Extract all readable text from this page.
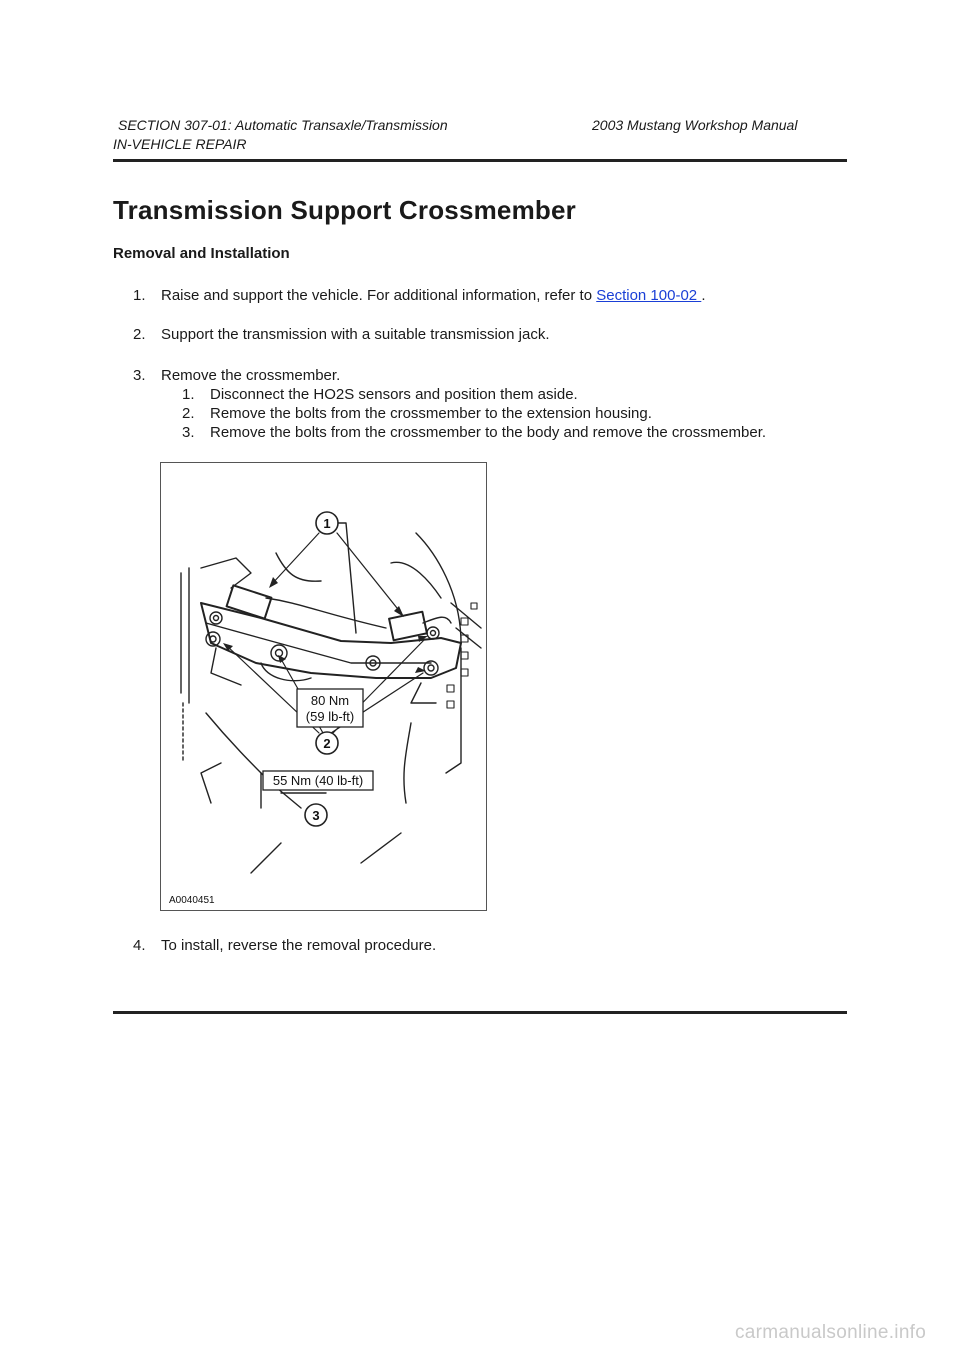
SECTION 307-01: Automatic Transaxle/Transmission	2003 Mustang Workshop Manual
IN-VEHICLE REPAIR
Transmission Support Crossmember
Removal and Installation
1. Raise and support the vehicle. For additional information, refer to Section 100-02 .
2. Support the transmission with a suitable transmission jack.
3. Remove the crossmember.
1. Disconnect the HO2S sensors and position them aside.
2. Remove the bolts from the crossmember to the extension housing.
3. Remove the bolts from the crossmember to the body and remove the crossmember.
1
2
3
80 Nm
(59 lb-ft)
55 Nm (40 lb-ft)
A0040451
4. To install, reverse the removal procedure.
carmanualsonline.info
